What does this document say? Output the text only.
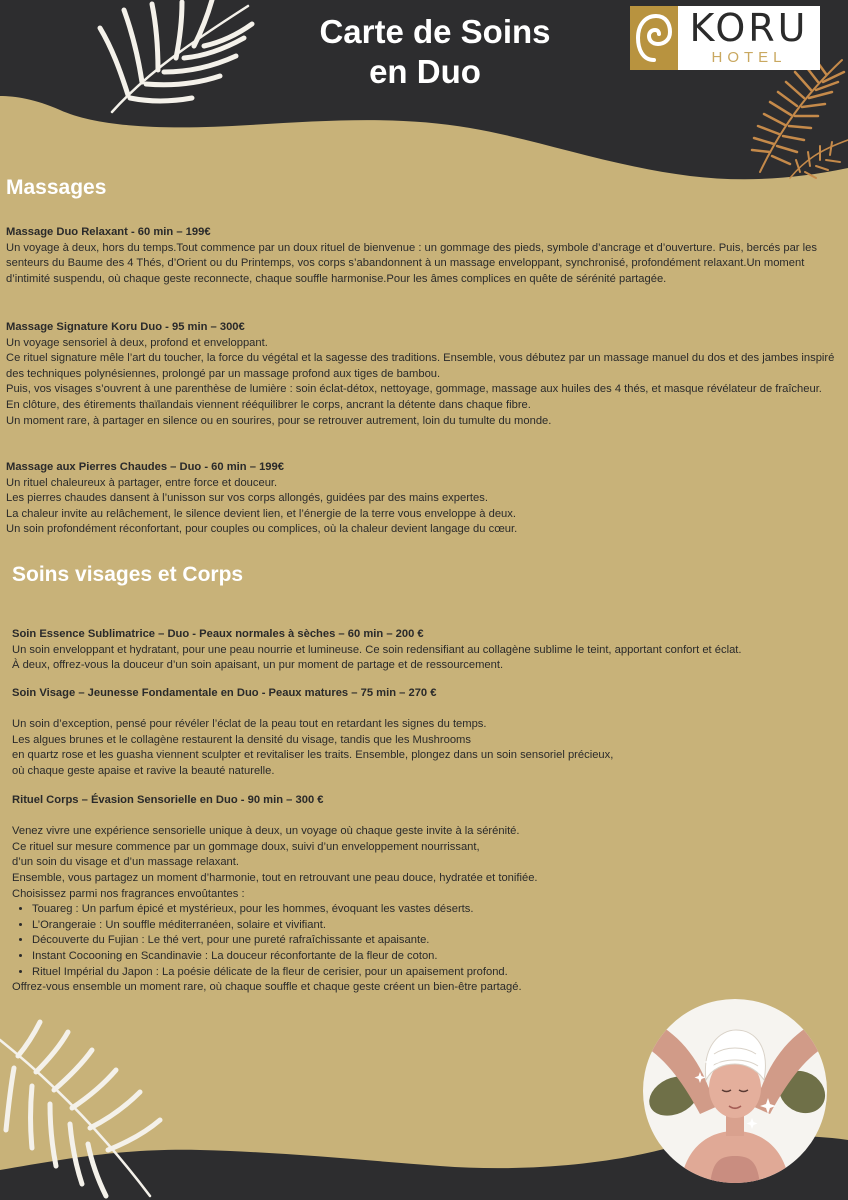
Carte de Soins
en Duo
KORU
HOTEL
Massages
Massage Duo Relaxant - 60 min – 199€
Un voyage à deux, hors du temps.Tout commence par un doux rituel de bienvenue : un gommage des pieds, symbole d’ancrage et d’ouverture. Puis, bercés par les senteurs du Baume des 4 Thés, d’Orient ou du Printemps, vos corps s’abandonnent à un massage enveloppant, synchronisé, profondément relaxant.Un moment d’intimité suspendu, où chaque geste reconnecte, chaque souffle harmonise.Pour les âmes complices en quête de sérénité partagée.
Massage Signature Koru Duo - 95 min – 300€
Un voyage sensoriel à deux, profond et enveloppant.
Ce rituel signature mêle l’art du toucher, la force du végétal et la sagesse des traditions. Ensemble, vous débutez par un massage manuel du dos et des jambes inspiré des techniques polynésiennes, prolongé par un massage profond aux tiges de bambou.
Puis, vos visages s’ouvrent à une parenthèse de lumière : soin éclat-détox, nettoyage, gommage, massage aux huiles des 4 thés, et masque révélateur de fraîcheur.
En clôture, des étirements thaïlandais viennent rééquilibrer le corps, ancrant la détente dans chaque fibre.
Un moment rare, à partager en silence ou en sourires, pour se retrouver autrement, loin du tumulte du monde.
Massage aux Pierres Chaudes – Duo - 60 min – 199€
Un rituel chaleureux à partager, entre force et douceur.
Les pierres chaudes dansent à l’unisson sur vos corps allongés, guidées par des mains expertes.
La chaleur invite au relâchement, le silence devient lien, et l’énergie de la terre vous enveloppe à deux.
Un soin profondément réconfortant, pour couples ou complices, où la chaleur devient langage du cœur.
Soins visages et Corps
Soin Essence Sublimatrice – Duo - Peaux normales à sèches – 60 min – 200 €
Un soin enveloppant et hydratant, pour une peau nourrie et lumineuse. Ce soin redensifiant au collagène sublime le teint, apportant confort et éclat.
À deux, offrez-vous la douceur d’un soin apaisant, un pur moment de partage et de ressourcement.
Soin Visage – Jeunesse Fondamentale en Duo - Peaux matures – 75 min – 270 €
Un soin d’exception, pensé pour révéler l’éclat de la peau tout en retardant les signes du temps.
Les algues brunes et le collagène restaurent la densité du visage, tandis que les Mushrooms
en quartz rose et les guasha viennent sculpter et revitaliser les traits. Ensemble, plongez dans un soin sensoriel précieux,
où chaque geste apaise et ravive la beauté naturelle.
Rituel Corps – Évasion Sensorielle en Duo - 90 min – 300 €
Venez vivre une expérience sensorielle unique à deux, un voyage où chaque geste invite à la sérénité.
Ce rituel sur mesure commence par un gommage doux, suivi d’un enveloppement nourrissant,
d’un soin du visage et d’un massage relaxant.
Ensemble, vous partagez un moment d’harmonie, tout en retrouvant une peau douce, hydratée et tonifiée.
Choisissez parmi nos fragrances envoûtantes :
• Touareg : Un parfum épicé et mystérieux, pour les hommes, évoquant les vastes déserts.
• L’Orangeraie : Un souffle méditerranéen, solaire et vivifiant.
• Découverte du Fujian : Le thé vert, pour une pureté rafraîchissante et apaisante.
• Instant Cocooning en Scandinavie : La douceur réconfortante de la fleur de coton.
• Rituel Impérial du Japon : La poésie délicate de la fleur de cerisier, pour un apaisement profond.
Offrez-vous ensemble un moment rare, où chaque souffle et chaque geste créent un bien-être partagé.
